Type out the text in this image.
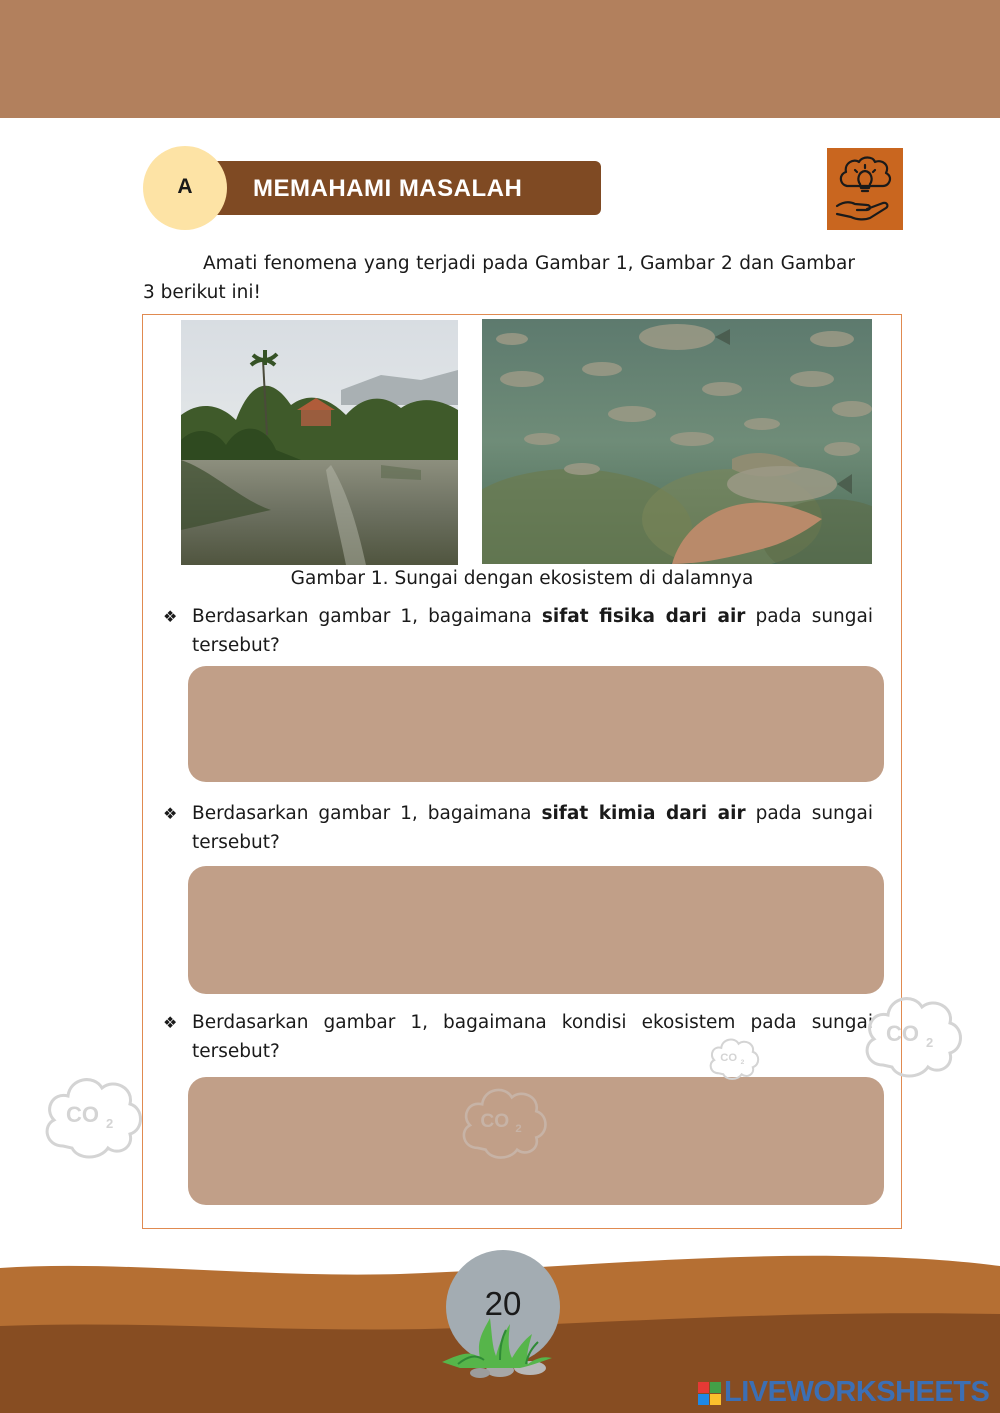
MEMAHAMI MASALAH
A
Amati fenomena yang terjadi pada Gambar 1, Gambar 2 dan Gambar 3 berikut ini!
Gambar 1. Sungai dengan ekosistem di dalamnya
❖ Berdasarkan gambar 1, bagaimana sifat fisika dari air pada sungai tersebut?
❖ Berdasarkan gambar 1, bagaimana sifat kimia dari air pada sungai tersebut?
❖ Berdasarkan gambar 1, bagaimana kondisi ekosistem pada sungai tersebut?
CO 2	CO 2
CO 2
CO 2
20
LIVEWORKSHEETS
